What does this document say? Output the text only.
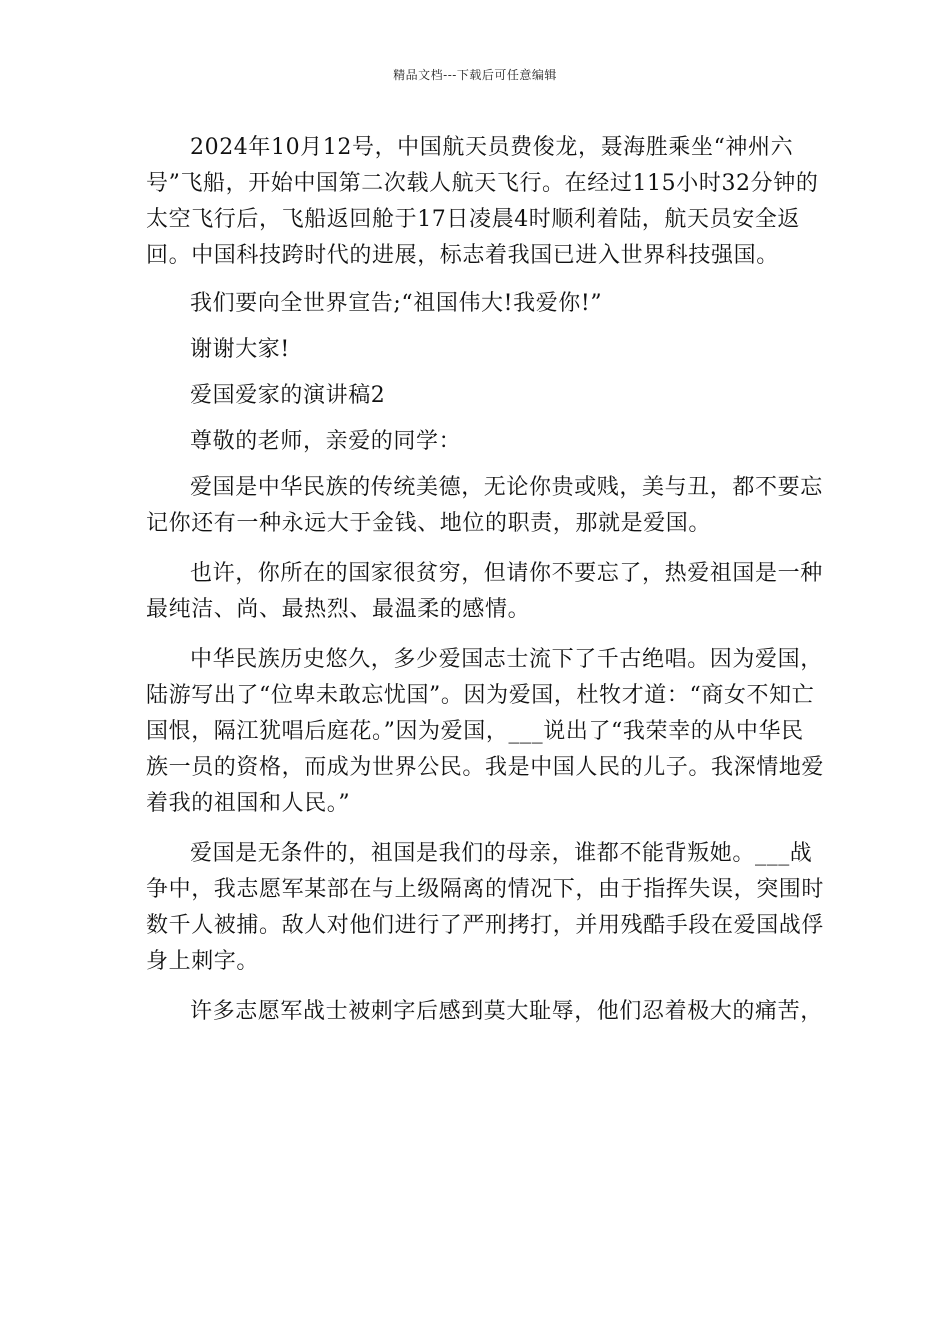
精品文档---下载后可任意编辑

2024年10月12号，中国航天员费俊龙，聂海胜乘坐“神州六号”飞船，开始中国第二次载人航天飞行。在经过115小时32分钟的太空飞行后，飞船返回舱于17日凌晨4时顺利着陆，航天员安全返回。中国科技跨时代的进展，标志着我国已进入世界科技强国。

我们要向全世界宣告;“祖国伟大!我爱你!”

谢谢大家!

爱国爱家的演讲稿2

尊敬的老师，亲爱的同学：

爱国是中华民族的传统美德，无论你贵或贱，美与丑，都不要忘记你还有一种永远大于金钱、地位的职责，那就是爱国。

也许，你所在的国家很贫穷，但请你不要忘了，热爱祖国是一种最纯洁、尚、最热烈、最温柔的感情。

中华民族历史悠久，多少爱国志士流下了千古绝唱。因为爱国，陆游写出了“位卑未敢忘忧国”。因为爱国，杜牧才道：“商女不知亡国恨，隔江犹唱后庭花。”因为爱国，___说出了“我荣幸的从中华民族一员的资格，而成为世界公民。我是中国人民的儿子。我深情地爱着我的祖国和人民。”

爱国是无条件的，祖国是我们的母亲，谁都不能背叛她。___战争中，我志愿军某部在与上级隔离的情况下，由于指挥失误，突围时数千人被捕。敌人对他们进行了严刑拷打，并用残酷手段在爱国战俘身上刺字。

许多志愿军战士被刺字后感到莫大耻辱，他们忍着极大的痛苦，
